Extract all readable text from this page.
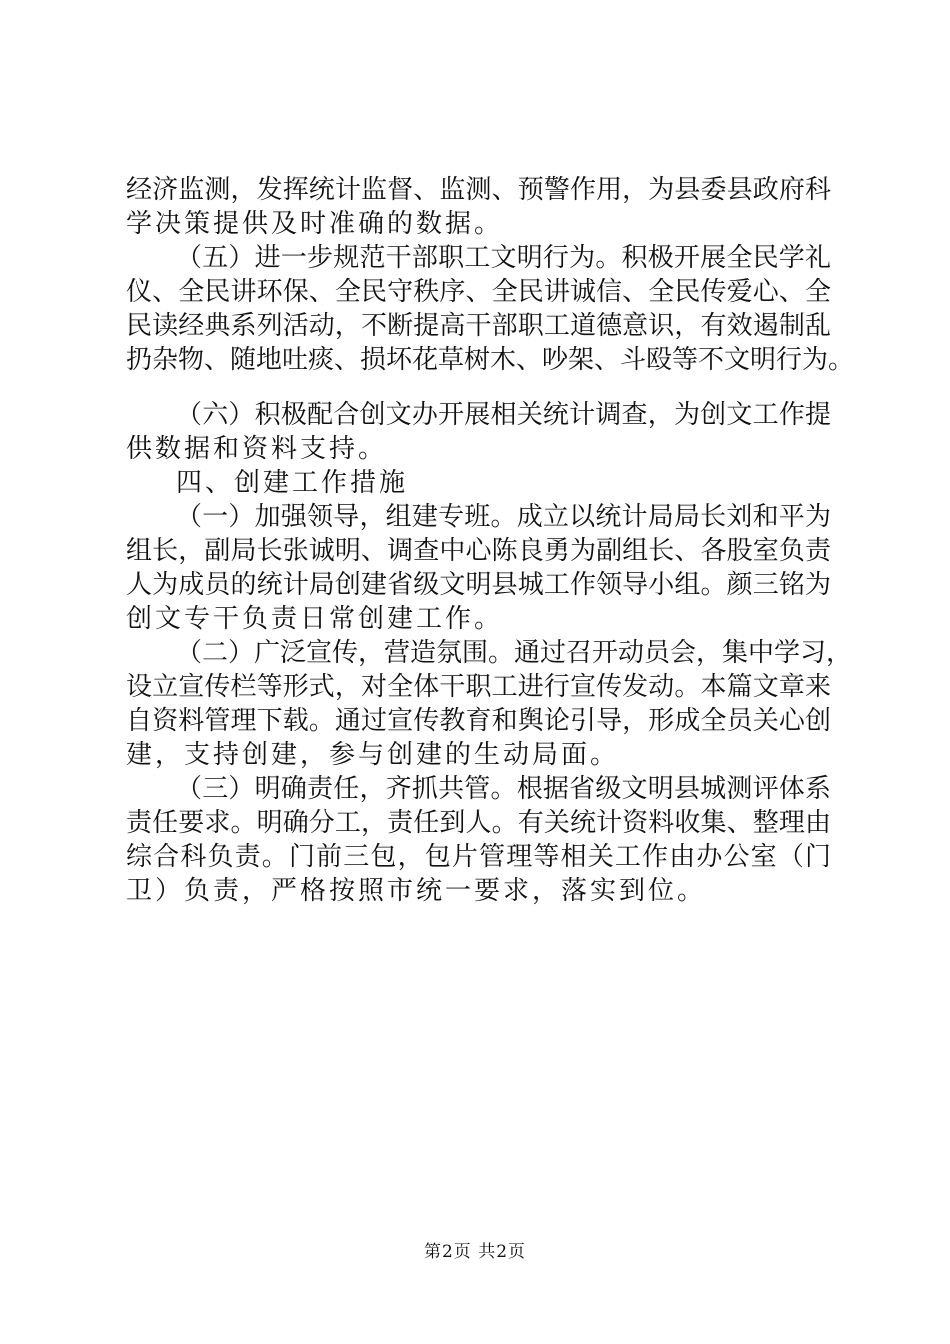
经济监测，发挥统计监督、监测、预警作用，为县委县政府科
学决策提供及时准确的数据。
（五）进一步规范干部职工文明行为。积极开展全民学礼
仪、全民讲环保、全民守秩序、全民讲诚信、全民传爱心、全
民读经典系列活动，不断提高干部职工道德意识，有效遏制乱
扔杂物、随地吐痰、损坏花草树木、吵架、斗殴等不文明行为。
（六）积极配合创文办开展相关统计调查，为创文工作提
供数据和资料支持。
四、创建工作措施
（一）加强领导，组建专班。成立以统计局局长刘和平为
组长，副局长张诚明、调查中心陈良勇为副组长、各股室负责
人为成员的统计局创建省级文明县城工作领导小组。颜三铭为
创文专干负责日常创建工作。
（二）广泛宣传，营造氛围。通过召开动员会，集中学习，
设立宣传栏等形式，对全体干职工进行宣传发动。本篇文章来
自资料管理下载。通过宣传教育和舆论引导，形成全员关心创
建，支持创建，参与创建的生动局面。
（三）明确责任，齐抓共管。根据省级文明县城测评体系
责任要求。明确分工，责任到人。有关统计资料收集、整理由
综合科负责。门前三包，包片管理等相关工作由办公室（门
卫）负责，严格按照市统一要求，落实到位。
第2页 共2页
